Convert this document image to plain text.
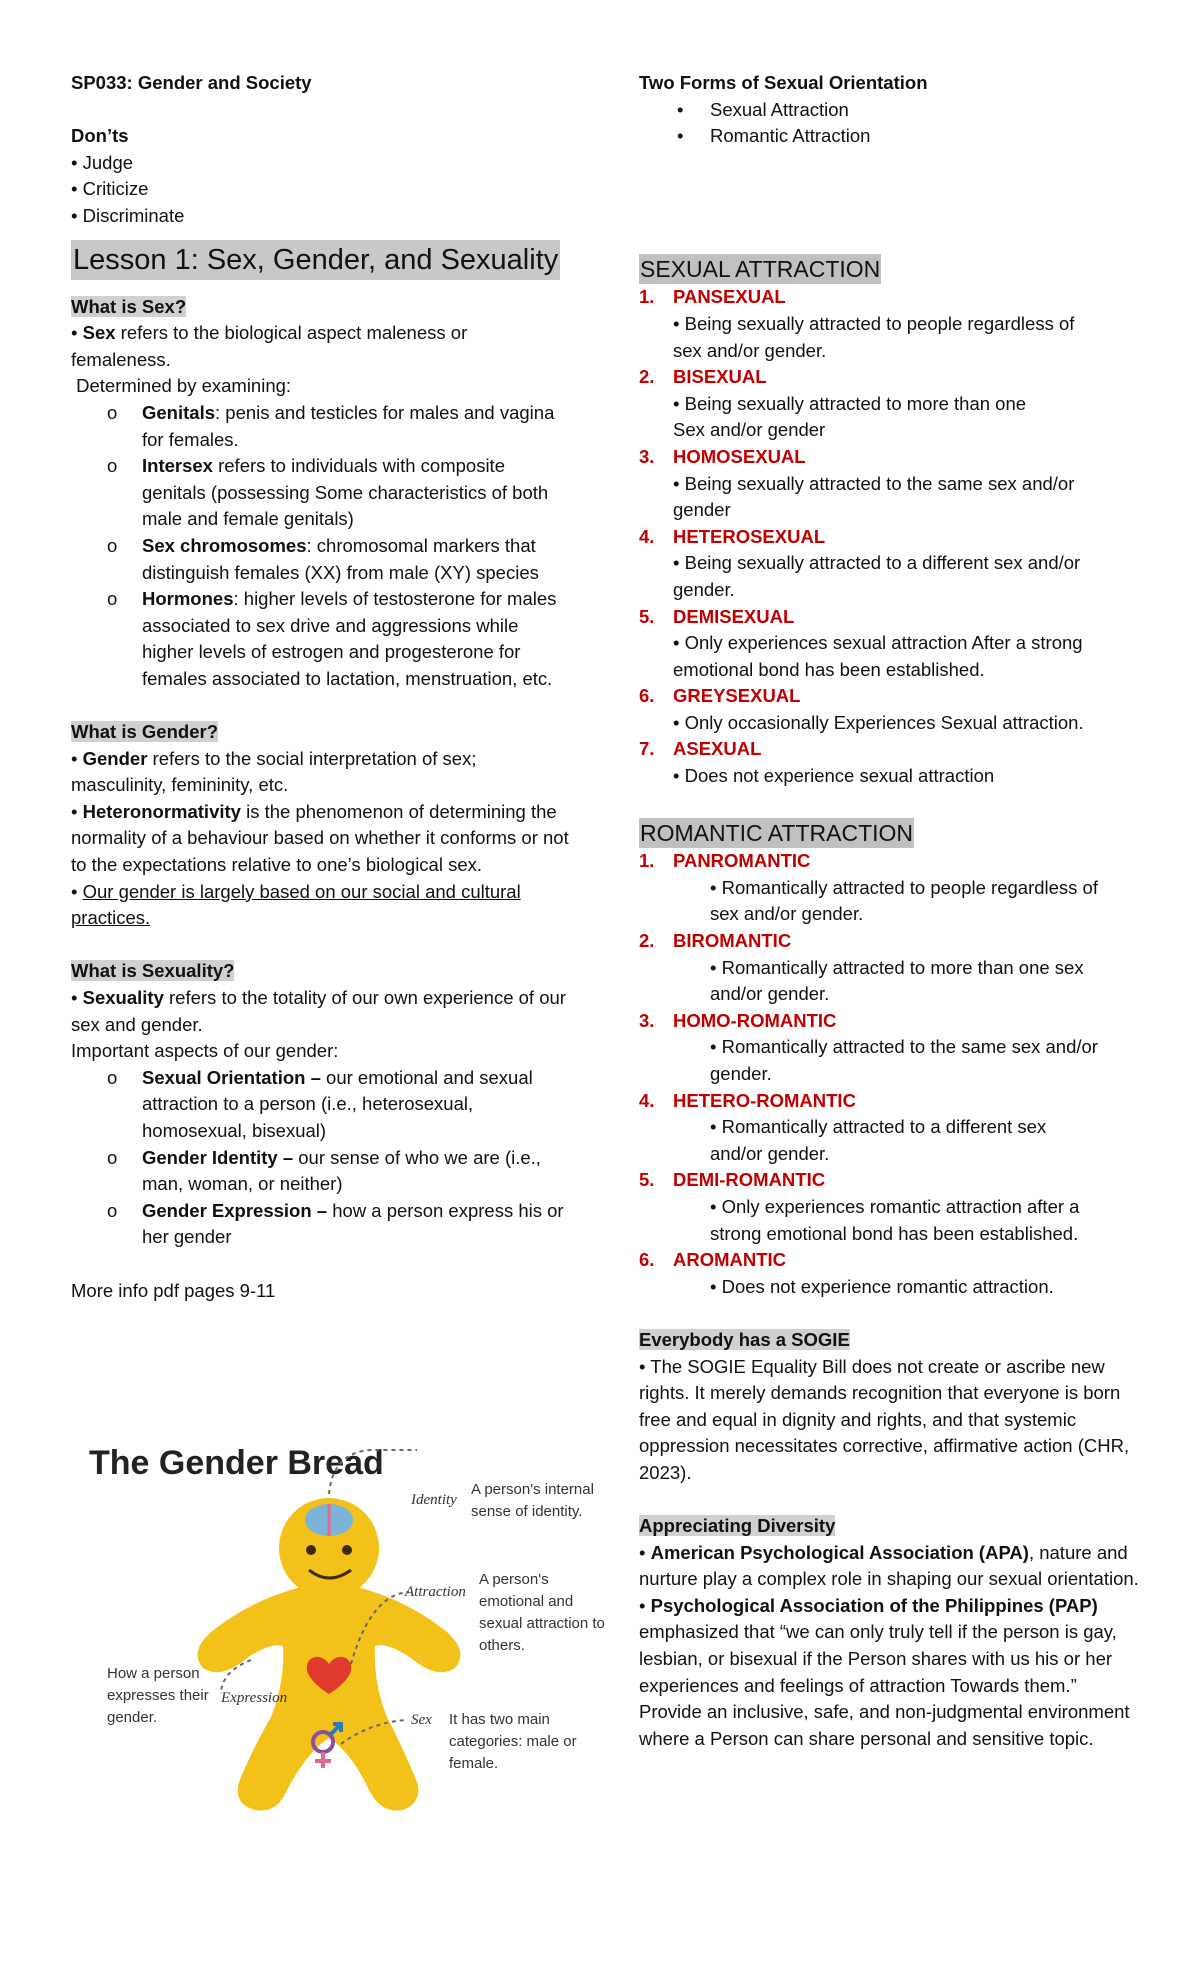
SP033: Gender and Society

Don’ts

• Judge

• Criticize

• Discriminate

Lesson 1: Sex, Gender, and Sexuality

What is Sex?

• Sex refers to the biological aspect maleness or femaleness.

Determined by examining:

o Genitals: penis and testicles for males and vagina for females.
o Intersex refers to individuals with composite genitals (possessing Some characteristics of both male and female genitals)
o Sex chromosomes: chromosomal markers that distinguish females (XX) from male (XY) species
o Hormones: higher levels of testosterone for males associated to sex drive and aggressions while higher levels of estrogen and progesterone for females associated to lactation, menstruation, etc.

What is Gender?

• Gender refers to the social interpretation of sex; masculinity, femininity, etc.

• Heteronormativity is the phenomenon of determining the normality of a behaviour based on whether it conforms or not to the expectations relative to one’s biological sex.

• Our gender is largely based on our social and cultural practices.

What is Sexuality?

• Sexuality refers to the totality of our own experience of our sex and gender.

Important aspects of our gender:

o Sexual Orientation – our emotional and sexual attraction to a person (i.e., heterosexual, homosexual, bisexual)
o Gender Identity – our sense of who we are (i.e., man, woman, or neither)
o Gender Expression – how a person express his or her gender

More info pdf pages 9-11

The Gender Bread
Identity
A person's internal sense of identity.
Attraction
A person's emotional and sexual attraction to others.
Expression
How a person expresses their gender.	Sex It has two main categories: male or female.

Two Forms of Sexual Orientation

• Sexual Attraction
• Romantic Attraction
SEXUAL ATTRACTION
1. PANSEXUAL

• Being sexually attracted to people regardless of

sex and/or gender.

2. BISEXUAL

• Being sexually attracted to more than one

Sex and/or gender

3. HOMOSEXUAL

• Being sexually attracted to the same sex and/or

gender

4. HETEROSEXUAL

• Being sexually attracted to a different sex and/or

gender.

5. DEMISEXUAL

• Only experiences sexual attraction After a strong

emotional bond has been established.

6. GREYSEXUAL

• Only occasionally Experiences Sexual attraction.

7. ASEXUAL

• Does not experience sexual attraction

ROMANTIC ATTRACTION
1. PANROMANTIC

• Romantically attracted to people regardless of

sex and/or gender.

2. BIROMANTIC

• Romantically attracted to more than one sex

and/or gender.

3. HOMO-ROMANTIC

• Romantically attracted to the same sex and/or

gender.

4. HETERO-ROMANTIC

• Romantically attracted to a different sex

and/or gender.

5. DEMI-ROMANTIC

• Only experiences romantic attraction after a

strong emotional bond has been established.

6. AROMANTIC

• Does not experience romantic attraction.

Everybody has a SOGIE

• The SOGIE Equality Bill does not create or ascribe new rights. It merely demands recognition that everyone is born free and equal in dignity and rights, and that systemic oppression necessitates corrective, affirmative action (CHR, 2023).

Appreciating Diversity

• American Psychological Association (APA), nature and nurture play a complex role in shaping our sexual orientation.

• Psychological Association of the Philippines (PAP) emphasized that “we can only truly tell if the person is gay, lesbian, or bisexual if the Person shares with us his or her experiences and feelings of attraction Towards them.” Provide an inclusive, safe, and non-judgmental environment where a Person can share personal and sensitive topic.
